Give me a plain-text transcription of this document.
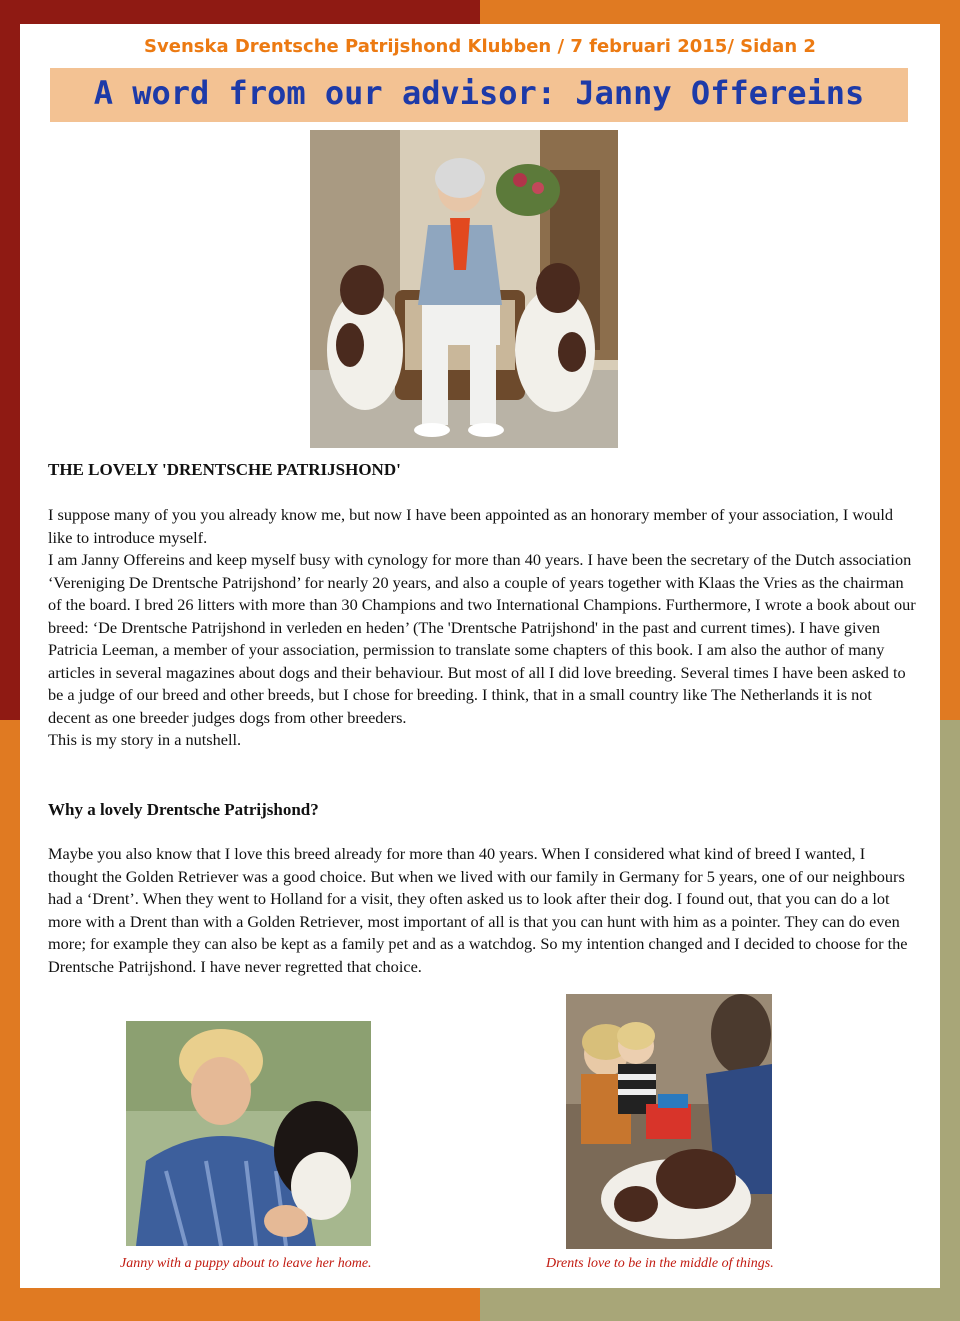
Svenska Drentsche Patrijshond Klubben / 7 februari 2015/ Sidan 2
A word from our advisor: Janny Offereins
THE LOVELY 'DRENTSCHE PATRIJSHOND'

I suppose many of you you already know me, but now I have been appointed as an honorary member of your association, I would like to introduce myself.

I am Janny Offereins and keep myself busy with cynology for more than 40 years. I have been the secretary of the Dutch association ‘Vereniging De Drentsche Patrijshond’ for nearly 20 years, and also a couple of years together with Klaas the Vries as the chairman of the board. I bred 26 litters with more than 30 Champions and two International Champions. Furthermore, I wrote a book about our breed: ‘De Drentsche Patrijshond in verleden en heden’ (The 'Drentsche Patrijshond' in the past and current times). I have given Patricia Leeman, a member of your association, permission to translate some chapters of this book. I am also the author of many articles in several magazines about dogs and their behaviour. But most of all I did love breeding. Several times I have been asked to be a judge of our breed and other breeds, but I chose for breeding. I think, that in a small country like The Netherlands it is not decent as one breeder judges dogs from other breeders.

This is my story in a nutshell.

Why a lovely Drentsche Patrijshond?

Maybe you also know that I love this breed already for more than 40 years. When I considered what kind of breed I wanted, I thought the Golden Retriever was a good choice. But when we lived with our family in Germany for 5 years, one of our neighbours had a ‘Drent’. When they went to Holland for a visit, they often asked us to look after their dog. I found out, that you can do a lot more with a Drent than with a Golden Retriever, most important of all is that you can hunt with him as a pointer. They can do even more; for example they can also be kept as a family pet and as a watchdog. So my intention changed and I decided to choose for the Drentsche Patrijshond. I have never regretted that choice.

Janny with a puppy about to leave her home.	Drents love to be in the middle of things.
